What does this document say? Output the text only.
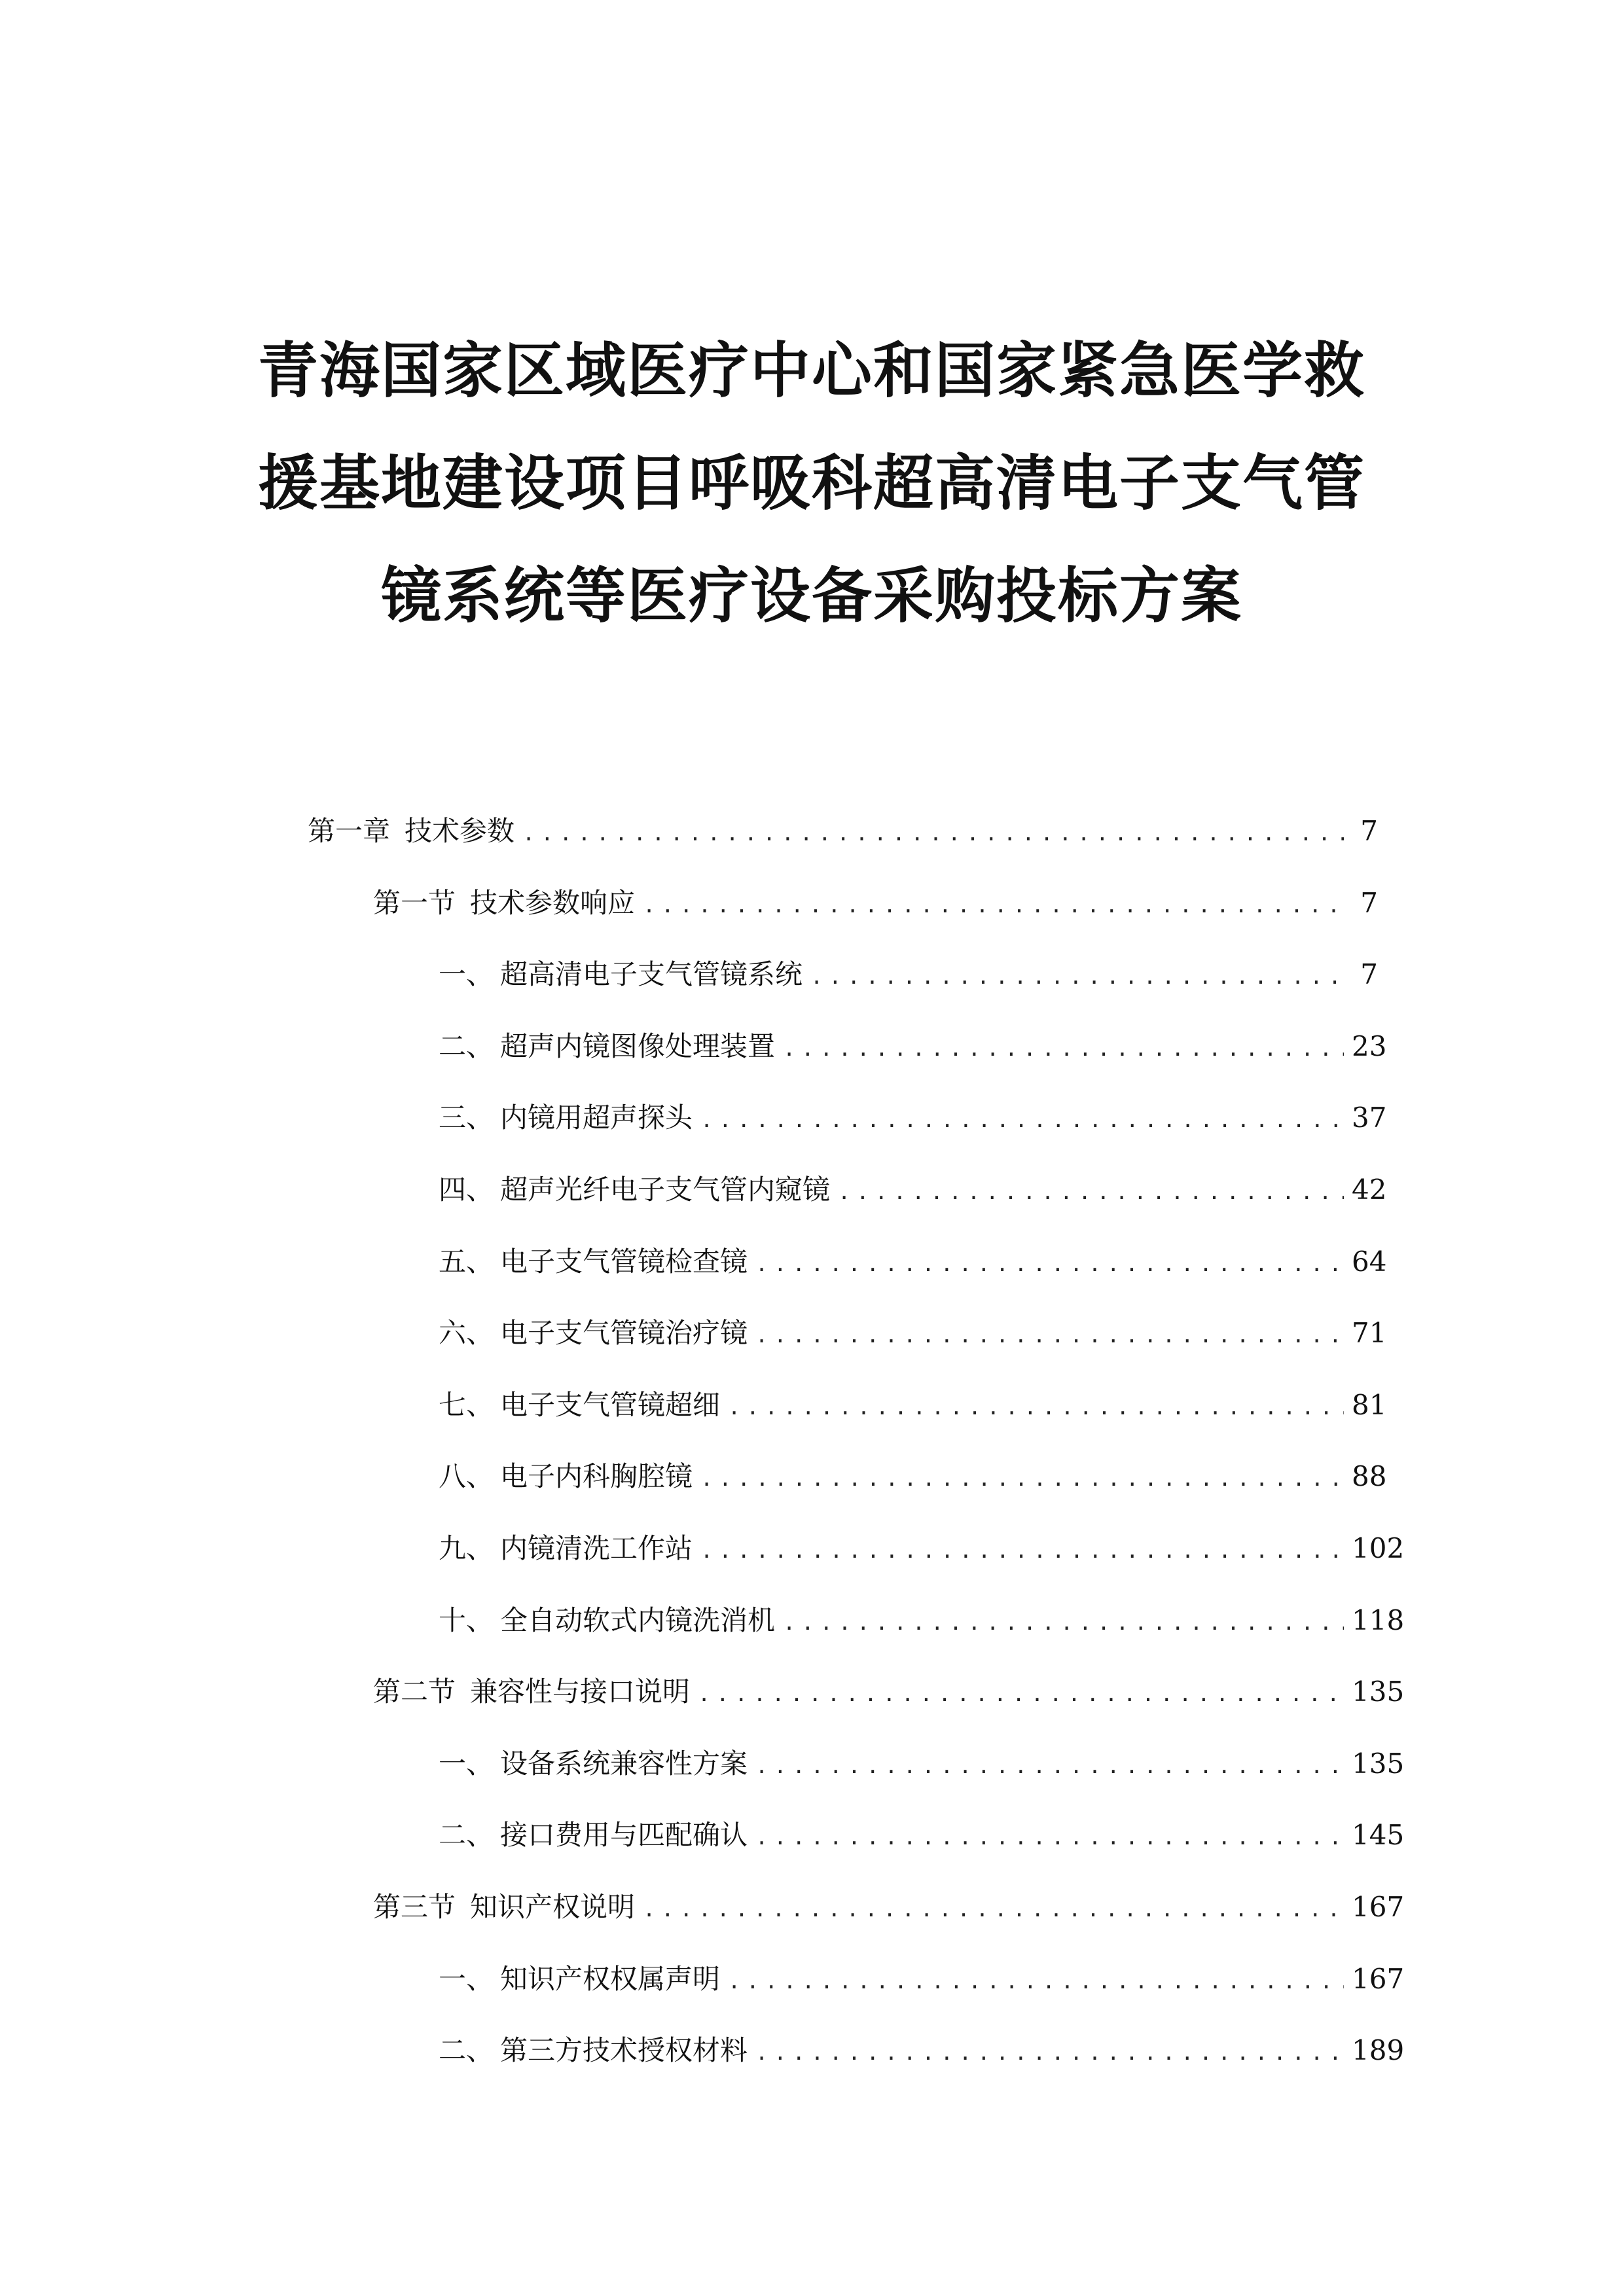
青海国家区域医疗中心和国家紧急医学救
援基地建设项目呼吸科超高清电子支气管
镜系统等医疗设备采购投标方案
第一章 技术参数 .....	7
第一节 技术参数响应 .....	7
一、 超高清电子支气管镜系统 .....	7
二、 超声内镜图像处理装置 .....	23
三、 内镜用超声探头 .....	37
四、 超声光纤电子支气管内窥镜 .....	42
五、 电子支气管镜检查镜 .....	64
六、 电子支气管镜治疗镜 .....	71
七、 电子支气管镜超细 .....	81
八、 电子内科胸腔镜 .....	88
九、 内镜清洗工作站 .....	102
十、 全自动软式内镜洗消机 .....	118
第二节 兼容性与接口说明 .....	135
一、 设备系统兼容性方案 .....	135
二、 接口费用与匹配确认 .....	145
第三节 知识产权说明 .....	167
一、 知识产权权属声明 .....	167
二、 第三方技术授权材料 .....	189
